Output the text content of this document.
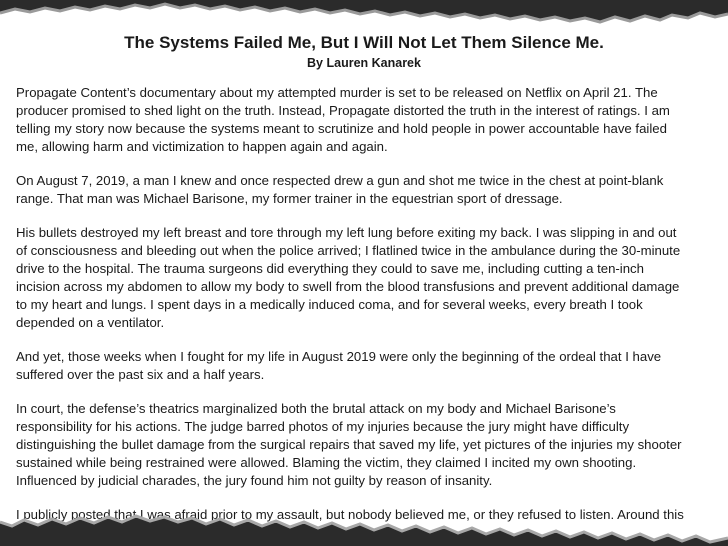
The Systems Failed Me, But I Will Not Let Them Silence Me.
By Lauren Kanarek
Propagate Content’s documentary about my attempted murder is set to be released on Netflix on April 21. The
producer promised to shed light on the truth. Instead, Propagate distorted the truth in the interest of ratings. I am
telling my story now because the systems meant to scrutinize and hold people in power accountable have failed
me, allowing harm and victimization to happen again and again.
On August 7, 2019, a man I knew and once respected drew a gun and shot me twice in the chest at point-blank
range. That man was Michael Barisone, my former trainer in the equestrian sport of dressage.
His bullets destroyed my left breast and tore through my left lung before exiting my back. I was slipping in and out
of consciousness and bleeding out when the police arrived; I flatlined twice in the ambulance during the 30-minute
drive to the hospital. The trauma surgeons did everything they could to save me, including cutting a ten-inch
incision across my abdomen to allow my body to swell from the blood transfusions and prevent additional damage
to my heart and lungs. I spent days in a medically induced coma, and for several weeks, every breath I took
depended on a ventilator.
And yet, those weeks when I fought for my life in August 2019 were only the beginning of the ordeal that I have
suffered over the past six and a half years.
In court, the defense’s theatrics marginalized both the brutal attack on my body and Michael Barisone’s
responsibility for his actions. The judge barred photos of my injuries because the jury might have difficulty
distinguishing the bullet damage from the surgical repairs that saved my life, yet pictures of the injuries my shooter
sustained while being restrained were allowed. Blaming the victim, they claimed I incited my own shooting.
Influenced by judicial charades, the jury found him not guilty by reason of insanity.
I publicly posted that I was afraid prior to my assault, but nobody believed me, or they refused to listen. Around this
